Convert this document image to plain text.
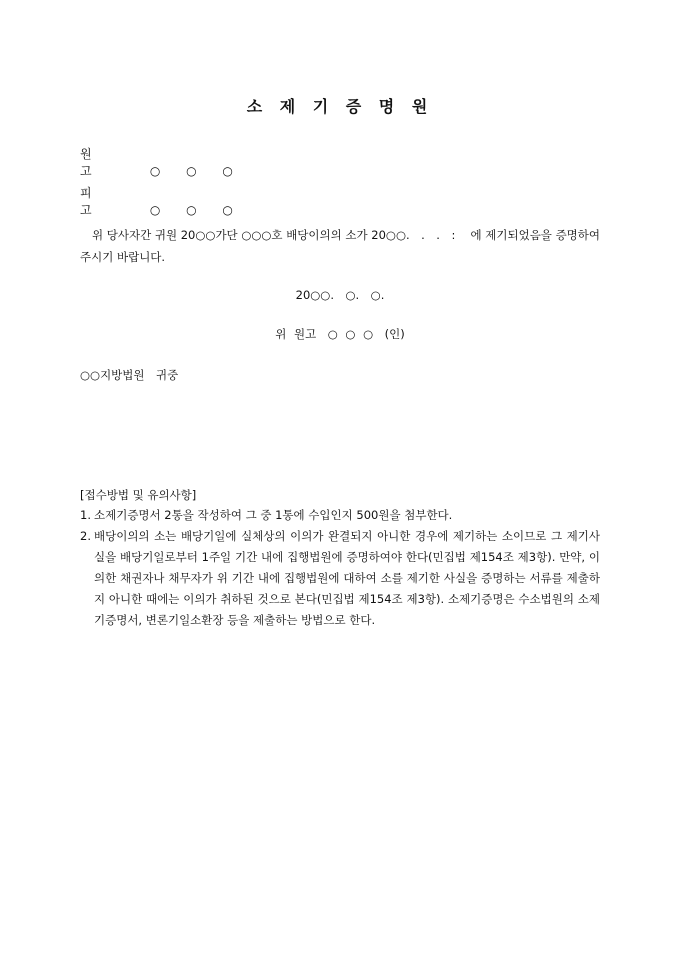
소 제 기 증 명 원
원 고	○ ○ ○
피 고	○ ○ ○
위 당사자간 귀원 20○○가단 ○○○호 배당이의의 소가 20○○.　.　.　:　 에 제기되었음을 증명하여 주시기 바랍니다.
20○○.　○.　○.
위 원고　○ ○ ○　(인)
○○지방법원　귀중
[접수방법 및 유의사항]
1. 소제기증명서 2통을 작성하여 그 중 1통에 수입인지 500원을 첨부한다.
2. 배당이의의 소는 배당기일에 실체상의 이의가 완결되지 아니한 경우에 제기하는 소이므로 그 제기사실을 배당기일로부터 1주일 기간 내에 집행법원에 증명하여야 한다(민집법 제154조 제3항). 만약, 이의한 채권자나 채무자가 위 기간 내에 집행법원에 대하여 소를 제기한 사실을 증명하는 서류를 제출하지 아니한 때에는 이의가 취하된 것으로 본다(민집법 제154조 제3항). 소제기증명은 수소법원의 소제기증명서, 변론기일소환장 등을 제출하는 방법으로 한다.
